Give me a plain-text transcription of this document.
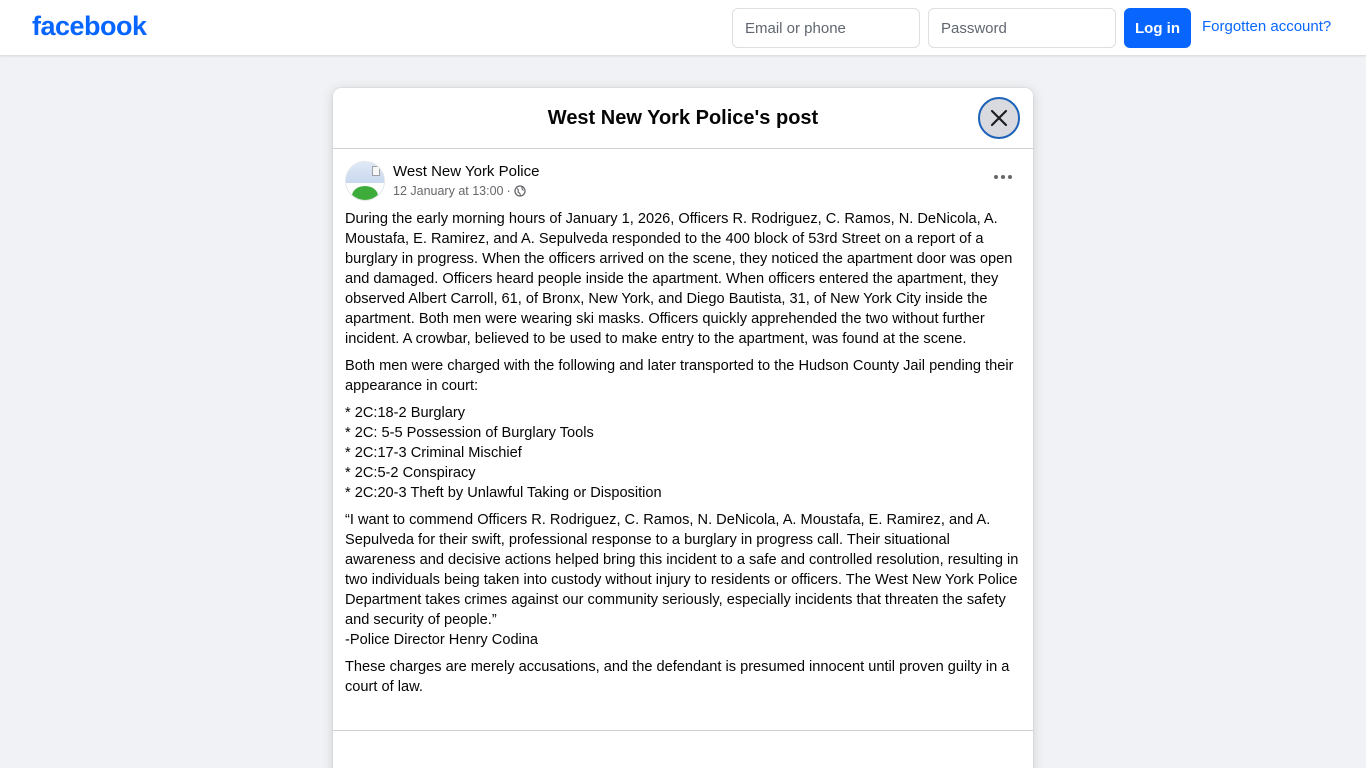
facebook
Email or phone	Log in	Forgotten account?
West New York Police's post
West New York Police
12 January at 13:00 ·

During the early morning hours of January 1, 2026, Officers R. Rodriguez, C. Ramos, N. DeNicola, A. Moustafa, E. Ramirez, and A. Sepulveda responded to the 400 block of 53rd Street on a report of a burglary in progress. When the officers arrived on the scene, they noticed the apartment door was open and damaged. Officers heard people inside the apartment. When officers entered the apartment, they observed Albert Carroll, 61, of Bronx, New York, and Diego Bautista, 31, of New York City inside the apartment. Both men were wearing ski masks. Officers quickly apprehended the two without further incident. A crowbar, believed to be used to make entry to the apartment, was found at the scene.

Both men were charged with the following and later transported to the Hudson County Jail pending their appearance in court:

* 2C:18-2 Burglary
* 2C: 5-5 Possession of Burglary Tools
* 2C:17-3 Criminal Mischief
* 2C:5-2 Conspiracy
* 2C:20-3 Theft by Unlawful Taking or Disposition

“I want to commend Officers R. Rodriguez, C. Ramos, N. DeNicola, A. Moustafa, E. Ramirez, and A. Sepulveda for their swift, professional response to a burglary in progress call. Their situational awareness and decisive actions helped bring this incident to a safe and controlled resolution, resulting in two individuals being taken into custody without injury to residents or officers. The West New York Police Department takes crimes against our community seriously, especially incidents that threaten the safety and security of people.”
-Police Director Henry Codina

These charges are merely accusations, and the defendant is presumed innocent until proven guilty in a court of law.
